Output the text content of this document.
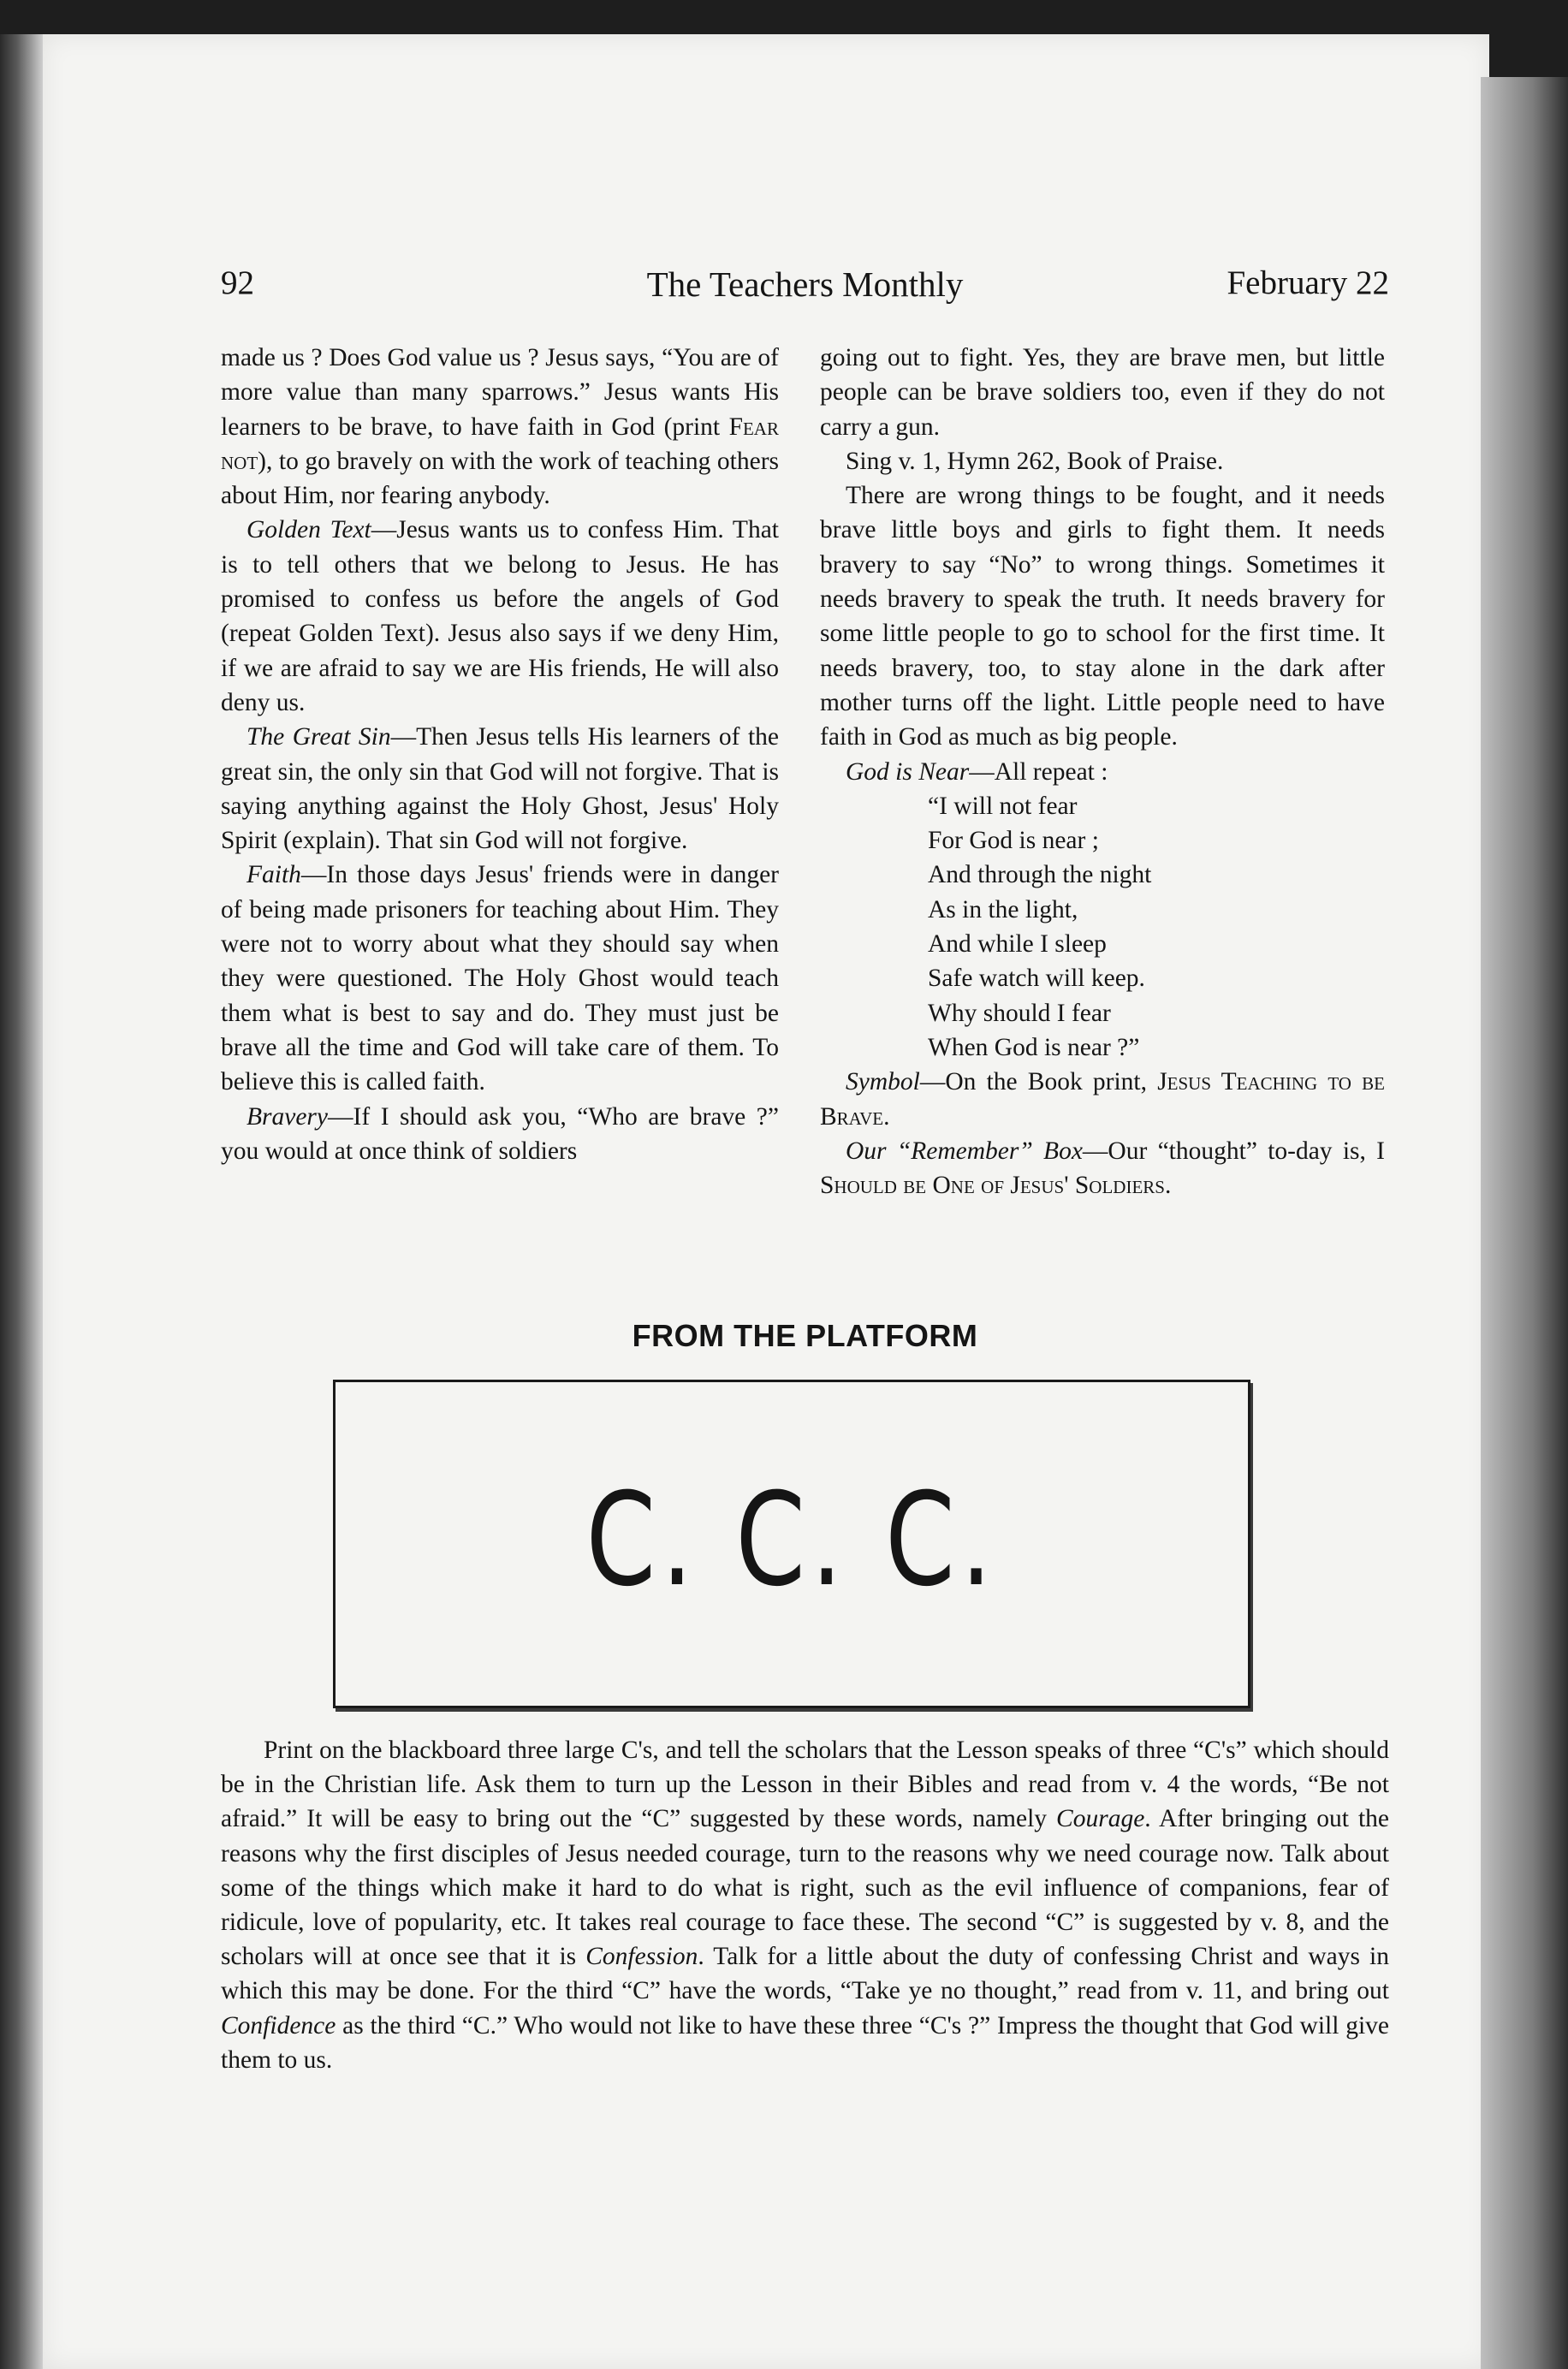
92	The Teachers Monthly	February 22

made us ? Does God value us ? Jesus says, “You are of more value than many sparrows.” Jesus wants His learners to be brave, to have faith in God (print Fear not), to go bravely on with the work of teaching others about Him, nor fearing anybody.

Golden Text—Jesus wants us to confess Him. That is to tell others that we belong to Jesus. He has promised to confess us before the angels of God (repeat Golden Text). Jesus also says if we deny Him, if we are afraid to say we are His friends, He will also deny us.

The Great Sin—Then Jesus tells His learners of the great sin, the only sin that God will not forgive. That is saying anything against the Holy Ghost, Jesus' Holy Spirit (explain). That sin God will not forgive.

Faith—In those days Jesus' friends were in danger of being made prisoners for teaching about Him. They were not to worry about what they should say when they were questioned. The Holy Ghost would teach them what is best to say and do. They must just be brave all the time and God will take care of them. To believe this is called faith.

Bravery—If I should ask you, “Who are brave ?” you would at once think of soldiers

going out to fight. Yes, they are brave men, but little people can be brave soldiers too, even if they do not carry a gun.

Sing v. 1, Hymn 262, Book of Praise.

There are wrong things to be fought, and it needs brave little boys and girls to fight them. It needs bravery to say “No” to wrong things. Sometimes it needs bravery to speak the truth. It needs bravery for some little people to go to school for the first time. It needs bravery, too, to stay alone in the dark after mother turns off the light. Little people need to have faith in God as much as big people.

God is Near—All repeat :

“I will not fear
For God is near ;
And through the night
As in the light,
And while I sleep
Safe watch will keep.
Why should I fear
When God is near ?”

Symbol—On the Book print, Jesus Teaching to be Brave.

Our “Remember” Box—Our “thought” to-day is, I Should be One of Jesus' Soldiers.

FROM THE PLATFORM
C. C. C.

Print on the blackboard three large C's, and tell the scholars that the Lesson speaks of three “C's” which should be in the Christian life. Ask them to turn up the Lesson in their Bibles and read from v. 4 the words, “Be not afraid.” It will be easy to bring out the “C” suggested by these words, namely Courage. After bringing out the reasons why the first disciples of Jesus needed courage, turn to the reasons why we need courage now. Talk about some of the things which make it hard to do what is right, such as the evil influence of companions, fear of ridicule, love of popularity, etc. It takes real courage to face these. The second “C” is suggested by v. 8, and the scholars will at once see that it is Confession. Talk for a little about the duty of confessing Christ and ways in which this may be done. For the third “C” have the words, “Take ye no thought,” read from v. 11, and bring out Confidence as the third “C.” Who would not like to have these three “C's ?” Impress the thought that God will give them to us.
